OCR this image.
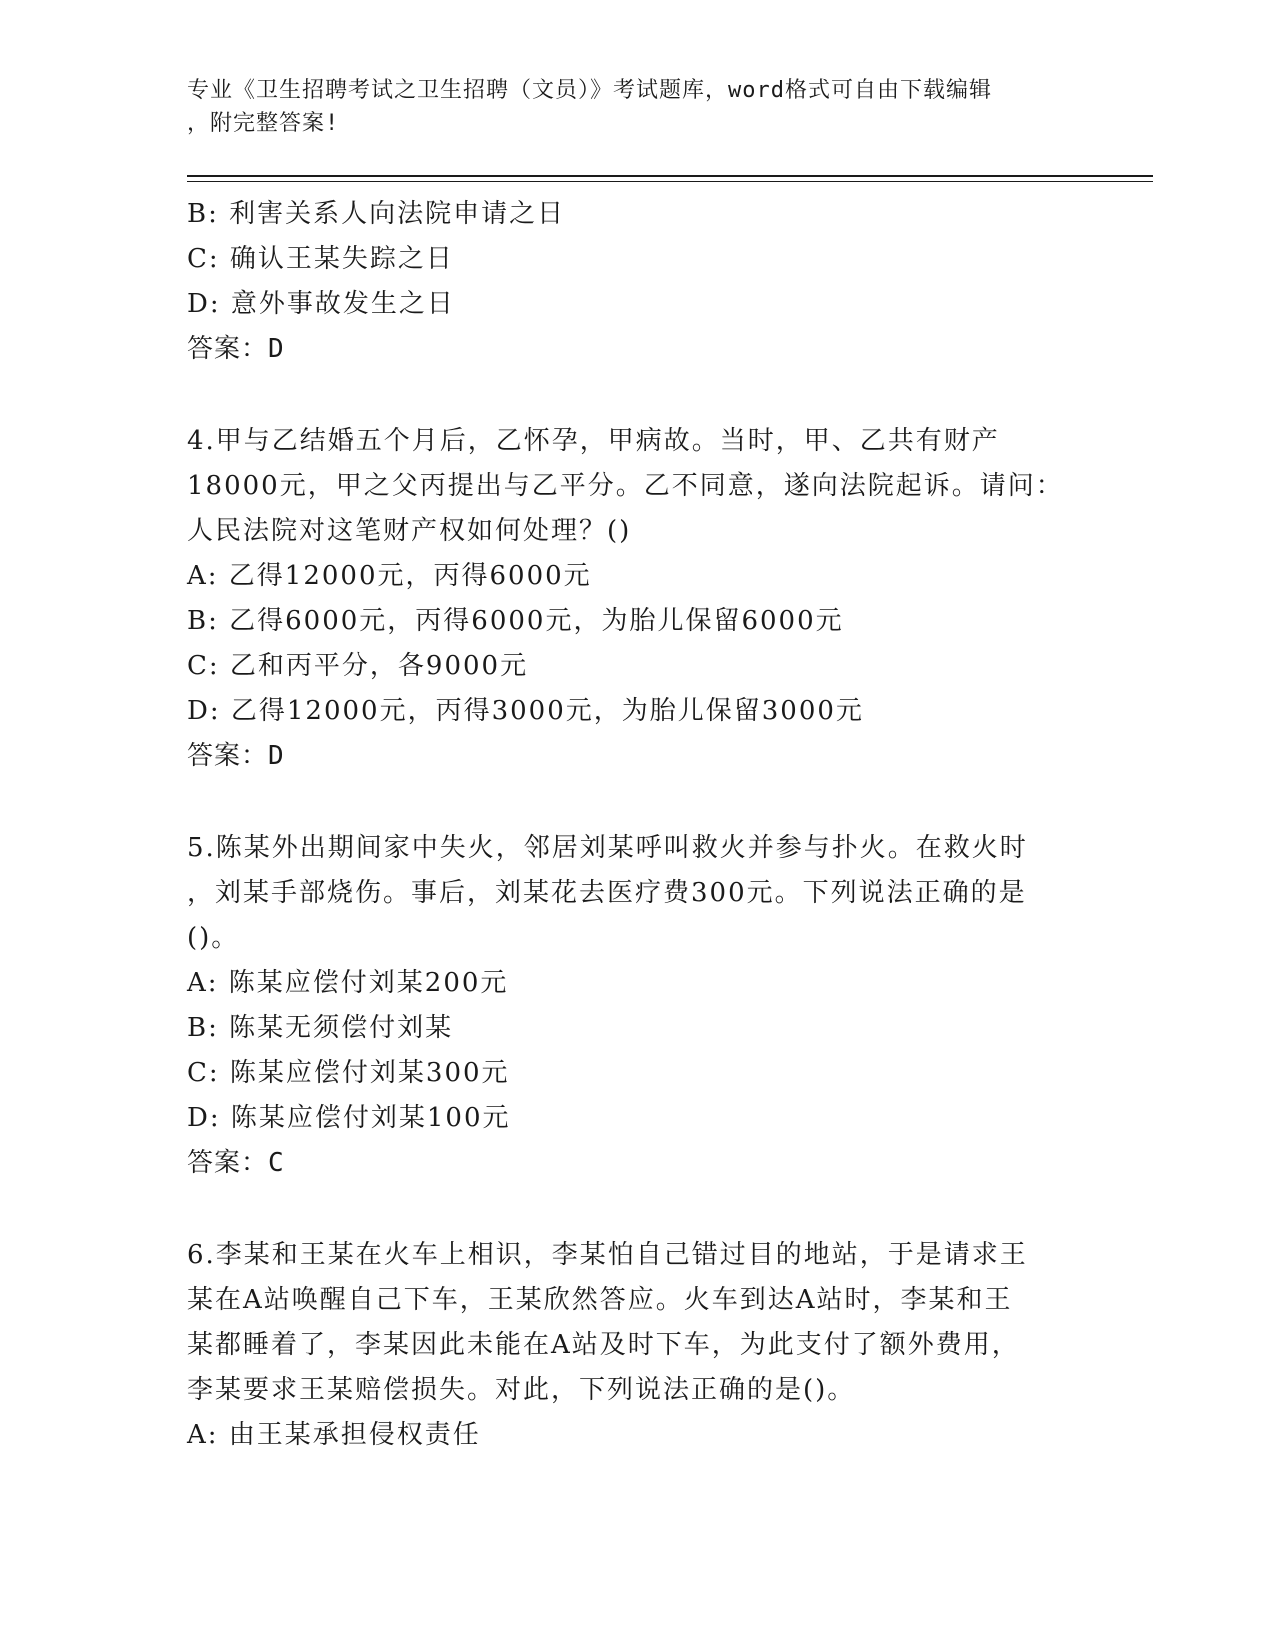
专业《卫生招聘考试之卫生招聘（文员）》考试题库，word格式可自由下载编辑
，附完整答案!
B: 利害关系人向法院申请之日
C: 确认王某失踪之日
D: 意外事故发生之日
答案：D
4.甲与乙结婚五个月后，乙怀孕，甲病故。当时，甲、乙共有财产
18000元，甲之父丙提出与乙平分。乙不同意，遂向法院起诉。请问：
人民法院对这笔财产权如何处理？()
A: 乙得12000元，丙得6000元
B: 乙得6000元，丙得6000元，为胎儿保留6000元
C: 乙和丙平分，各9000元
D: 乙得12000元，丙得3000元，为胎儿保留3000元
答案：D
5.陈某外出期间家中失火，邻居刘某呼叫救火并参与扑火。在救火时
，刘某手部烧伤。事后，刘某花去医疗费300元。下列说法正确的是
()。
A: 陈某应偿付刘某200元
B: 陈某无须偿付刘某
C: 陈某应偿付刘某300元
D: 陈某应偿付刘某100元
答案：C
6.李某和王某在火车上相识，李某怕自己错过目的地站，于是请求王
某在A站唤醒自己下车，王某欣然答应。火车到达A站时，李某和王
某都睡着了，李某因此未能在A站及时下车，为此支付了额外费用，
李某要求王某赔偿损失。对此，下列说法正确的是()。
A: 由王某承担侵权责任
